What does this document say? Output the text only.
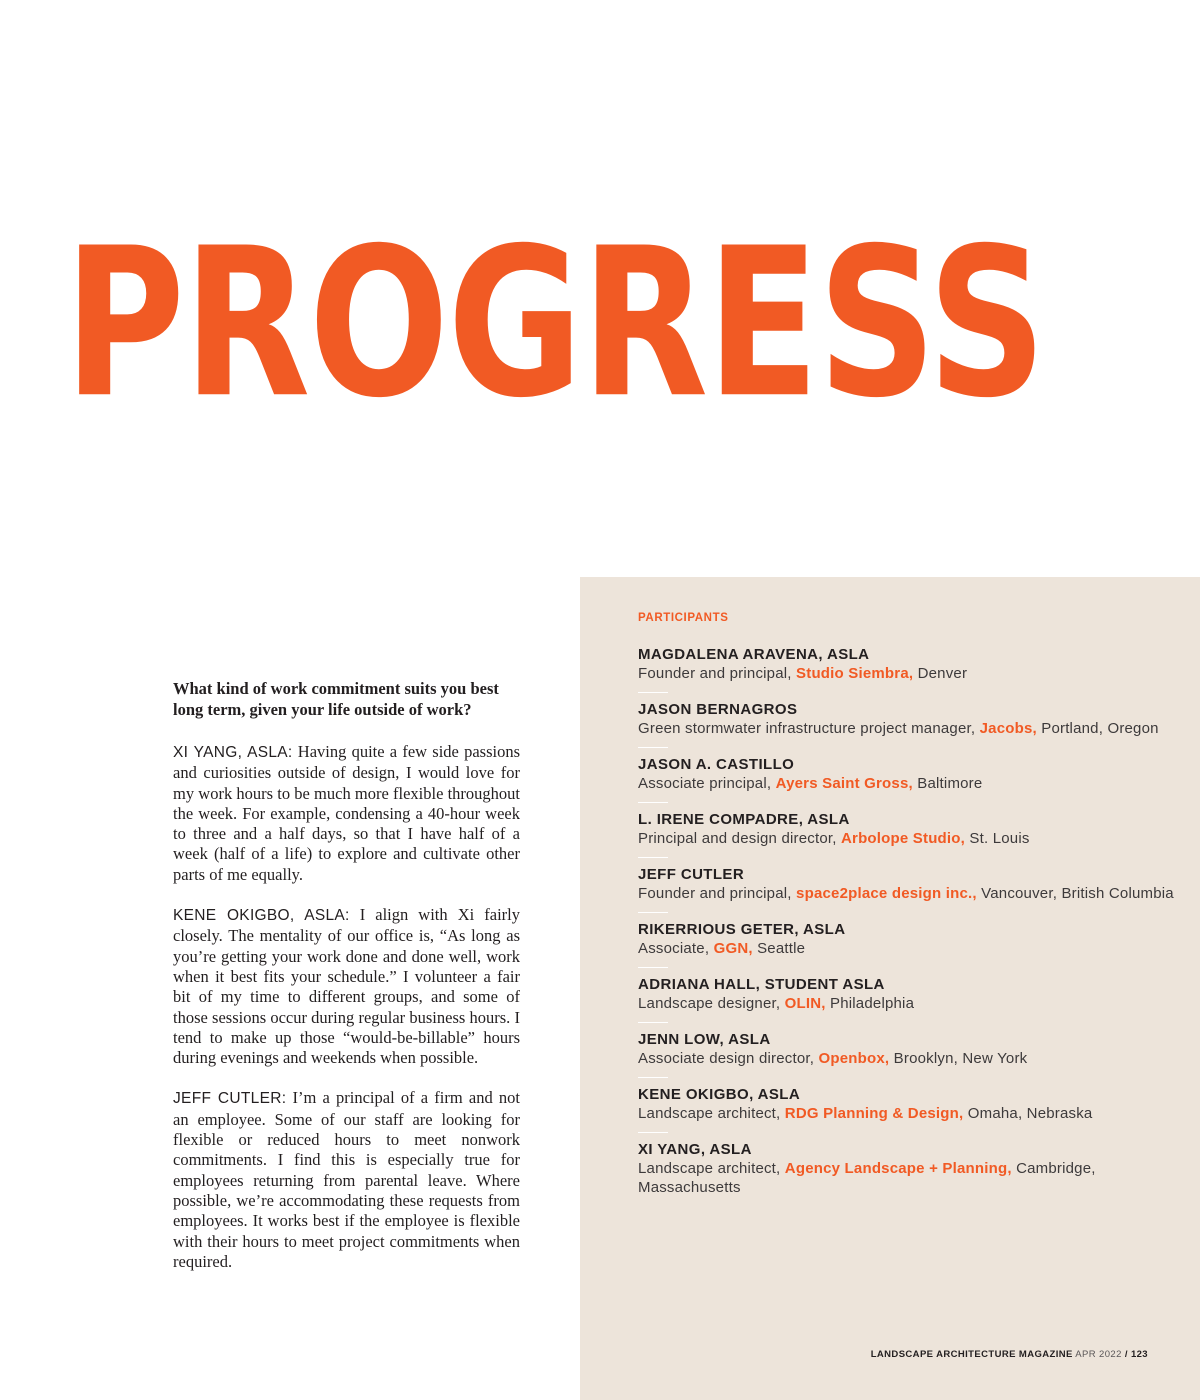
PROGRESS

What kind of work commitment suits you best long term, given your life outside of work?

XI YANG, ASLA: Having quite a few side passions and curiosities outside of design, I would love for my work hours to be much more flexible throughout the week. For example, condensing a 40-hour week to three and a half days, so that I have half of a week (half of a life) to explore and cultivate other parts of me equally.

KENE OKIGBO, ASLA: I align with Xi fairly closely. The mentality of our office is, “As long as you’re getting your work done and done well, work when it best fits your schedule.” I volunteer a fair bit of my time to different groups, and some of those sessions occur during regular business hours. I tend to make up those “would-be-billable” hours during evenings and weekends when possible.

JEFF CUTLER: I’m a principal of a firm and not an employee. Some of our staff are looking for flexible or reduced hours to meet nonwork commitments. I find this is especially true for employees returning from parental leave. Where possible, we’re accommodating these requests from employees. It works best if the employee is flexible with their hours to meet project commitments when required.

PARTICIPANTS
MAGDALENA ARAVENA, ASLA
Founder and principal, Studio Siembra, Denver
JASON BERNAGROS
Green stormwater infrastructure project manager, Jacobs, Portland, Oregon
JASON A. CASTILLO
Associate principal, Ayers Saint Gross, Baltimore
L. IRENE COMPADRE, ASLA
Principal and design director, Arbolope Studio, St. Louis
JEFF CUTLER
Founder and principal, space2place design inc., Vancouver, British Columbia
RIKERRIOUS GETER, ASLA
Associate, GGN, Seattle
ADRIANA HALL, STUDENT ASLA
Landscape designer, OLIN, Philadelphia
JENN LOW, ASLA
Associate design director, Openbox, Brooklyn, New York
KENE OKIGBO, ASLA
Landscape architect, RDG Planning & Design, Omaha, Nebraska
XI YANG, ASLA
Landscape architect, Agency Landscape + Planning, Cambridge, Massachusetts
LANDSCAPE ARCHITECTURE MAGAZINE APR 2022 / 123
